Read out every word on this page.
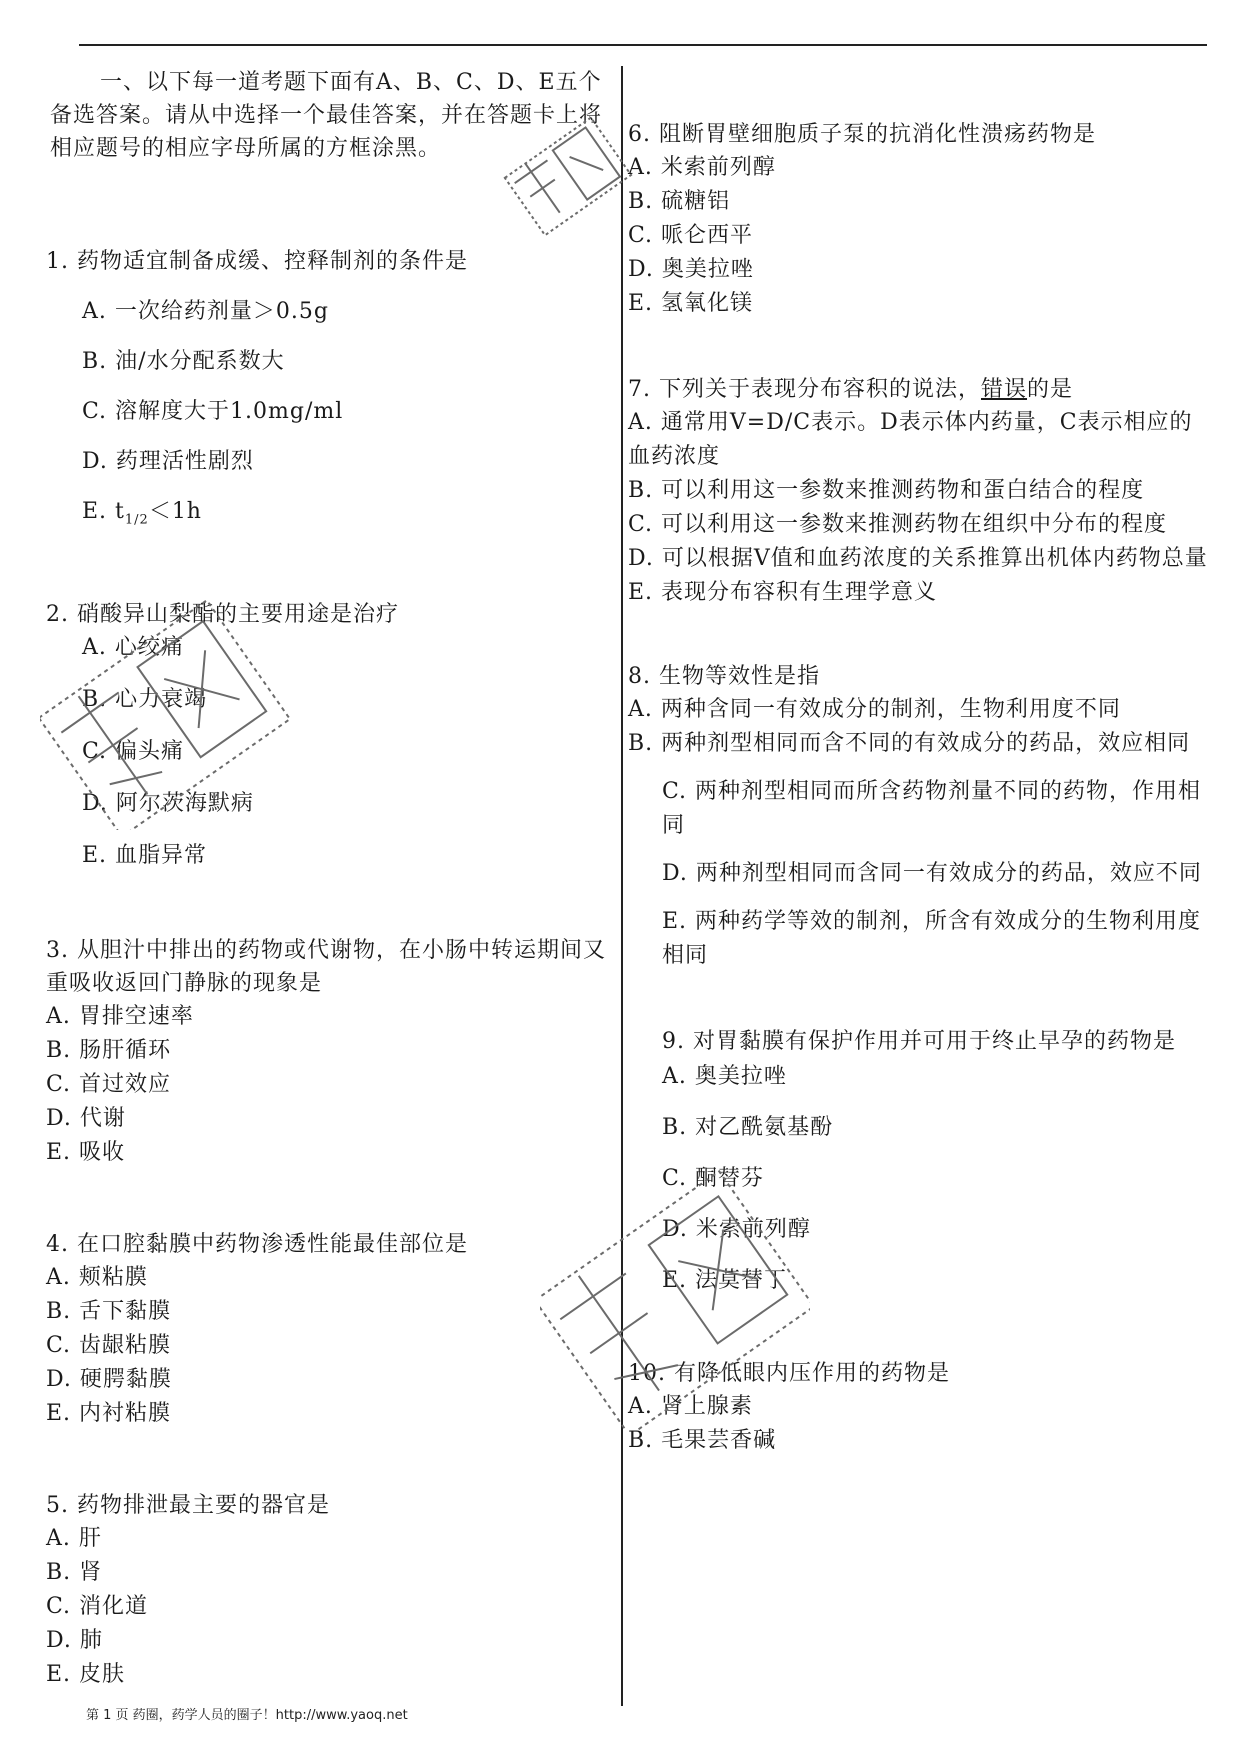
一、以下每一道考题下面有A、B、C、D、E五个备选答案。请从中选择一个最佳答案，并在答题卡上将相应题号的相应字母所属的方框涂黑。

1. 药物适宜制备成缓、控释制剂的条件是

A. 一次给药剂量＞0.5g

B. 油/水分配系数大

C. 溶解度大于1.0mg/ml

D. 药理活性剧烈

E. $t_{1/2}<1h$

2. 硝酸异山梨酯的主要用途是治疗

A. 心绞痛

B. 心力衰竭

C. 偏头痛

D. 阿尔茨海默病

E. 血脂异常

3. 从胆汁中排出的药物或代谢物，在小肠中转运期间又重吸收返回门静脉的现象是

A. 胃排空速率

B. 肠肝循环

C. 首过效应

D. 代谢

E. 吸收

4. 在口腔黏膜中药物渗透性能最佳部位是

A. 颊粘膜

B. 舌下黏膜

C. 齿龈粘膜

D. 硬腭黏膜

E. 内衬粘膜

5. 药物排泄最主要的器官是

A. 肝

B. 肾

C. 消化道

D. 肺

E. 皮肤

6. 阻断胃壁细胞质子泵的抗消化性溃疡药物是

A. 米索前列醇

B. 硫糖铝

C. 哌仑西平

D. 奥美拉唑

E. 氢氧化镁

7. 下列关于表现分布容积的说法，错误的是

A. 通常用V=D/C表示。D表示体内药量，C表示相应的血药浓度

B. 可以利用这一参数来推测药物和蛋白结合的程度

C. 可以利用这一参数来推测药物在组织中分布的程度

D. 可以根据V值和血药浓度的关系推算出机体内药物总量

E. 表现分布容积有生理学意义

8. 生物等效性是指

A. 两种含同一有效成分的制剂，生物利用度不同

B. 两种剂型相同而含不同的有效成分的药品，效应相同

C. 两种剂型相同而所含药物剂量不同的药物，作用相同

D. 两种剂型相同而含同一有效成分的药品，效应不同

E. 两种药学等效的制剂，所含有效成分的生物利用度相同

9. 对胃黏膜有保护作用并可用于终止早孕的药物是

A. 奥美拉唑

B. 对乙酰氨基酚

C. 酮替芬

D. 米索前列醇

E. 法莫替丁

10. 有降低眼内压作用的药物是

A. 肾上腺素

B. 毛果芸香碱

第 1 页 药圈，药学人员的圈子！http://www.yaoq.net
